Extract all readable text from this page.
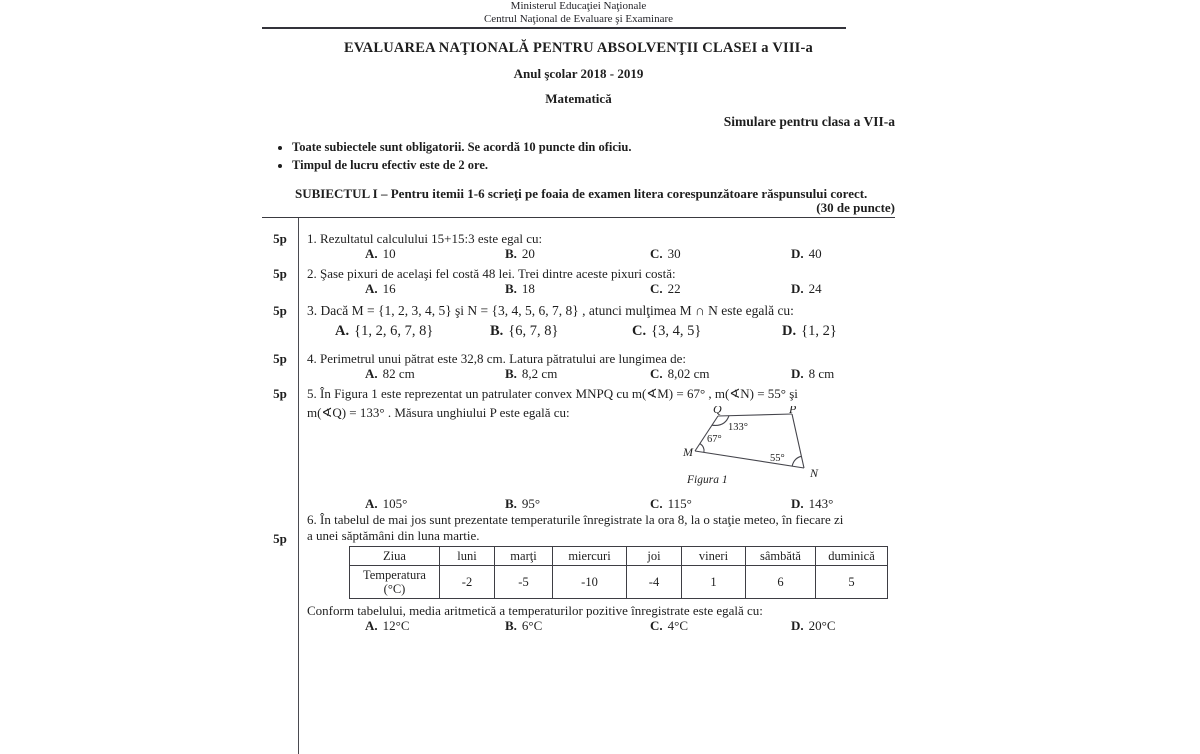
Ministerul Educaţiei Naţionale
Centrul Naţional de Evaluare şi Examinare
EVALUAREA NAŢIONALĂ PENTRU ABSOLVENŢII CLASEI a VIII-a
Anul şcolar 2018 - 2019
Matematică
Simulare pentru clasa a VII-a
• Toate subiectele sunt obligatorii. Se acordă 10 puncte din oficiu.
• Timpul de lucru efectiv este de 2 ore.
SUBIECTUL I – Pentru itemii 1-6 scrieţi pe foaia de examen litera corespunzătoare răspunsului corect.
(30 de puncte)
5p	1. Rezultatul calculului 15+15:3 este egal cu:
A. 10	B. 20	C. 30	D. 40
5p	2. Şase pixuri de acelaşi fel costă 48 lei. Trei dintre aceste pixuri costă:
A. 16	B. 18	C. 22	D. 24
5p	3. Dacă M = {1, 2, 3, 4, 5} şi N = {3, 4, 5, 6, 7, 8} , atunci mulţimea M ∩ N este egală cu:
A. {1, 2, 6, 7, 8}	B. {6, 7, 8}	C. {3, 4, 5}	D. {1, 2}
5p	4. Perimetrul unui pătrat este 32,8 cm. Latura pătratului are lungimea de:
A. 82 cm	B. 8,2 cm	C. 8,02 cm	D. 8 cm
5p	5. În Figura 1 este reprezentat un patrulater convex MNPQ cu m(∢M) = 67° , m(∢N) = 55° şi
m(∢Q) = 133° . Măsura unghiului P este egală cu:	Q	P
M
N
133°
67°
55°
Figura 1
A. 105°	B. 95°	C. 115°	D. 143°
5p
6. În tabelul de mai jos sunt prezentate temperaturile înregistrate la ora 8, la o staţie meteo, în fiecare zi
a unei săptămâni din luna martie.
Ziua	luni	marţi	miercuri	joi	vineri	sâmbătă	duminică
Temperatura (°C)	-2	-5	-10	-4	1	6	5
Conform tabelului, media aritmetică a temperaturilor pozitive înregistrate este egală cu:
A. 12°C	B. 6°C	C. 4°C	D. 20°C
